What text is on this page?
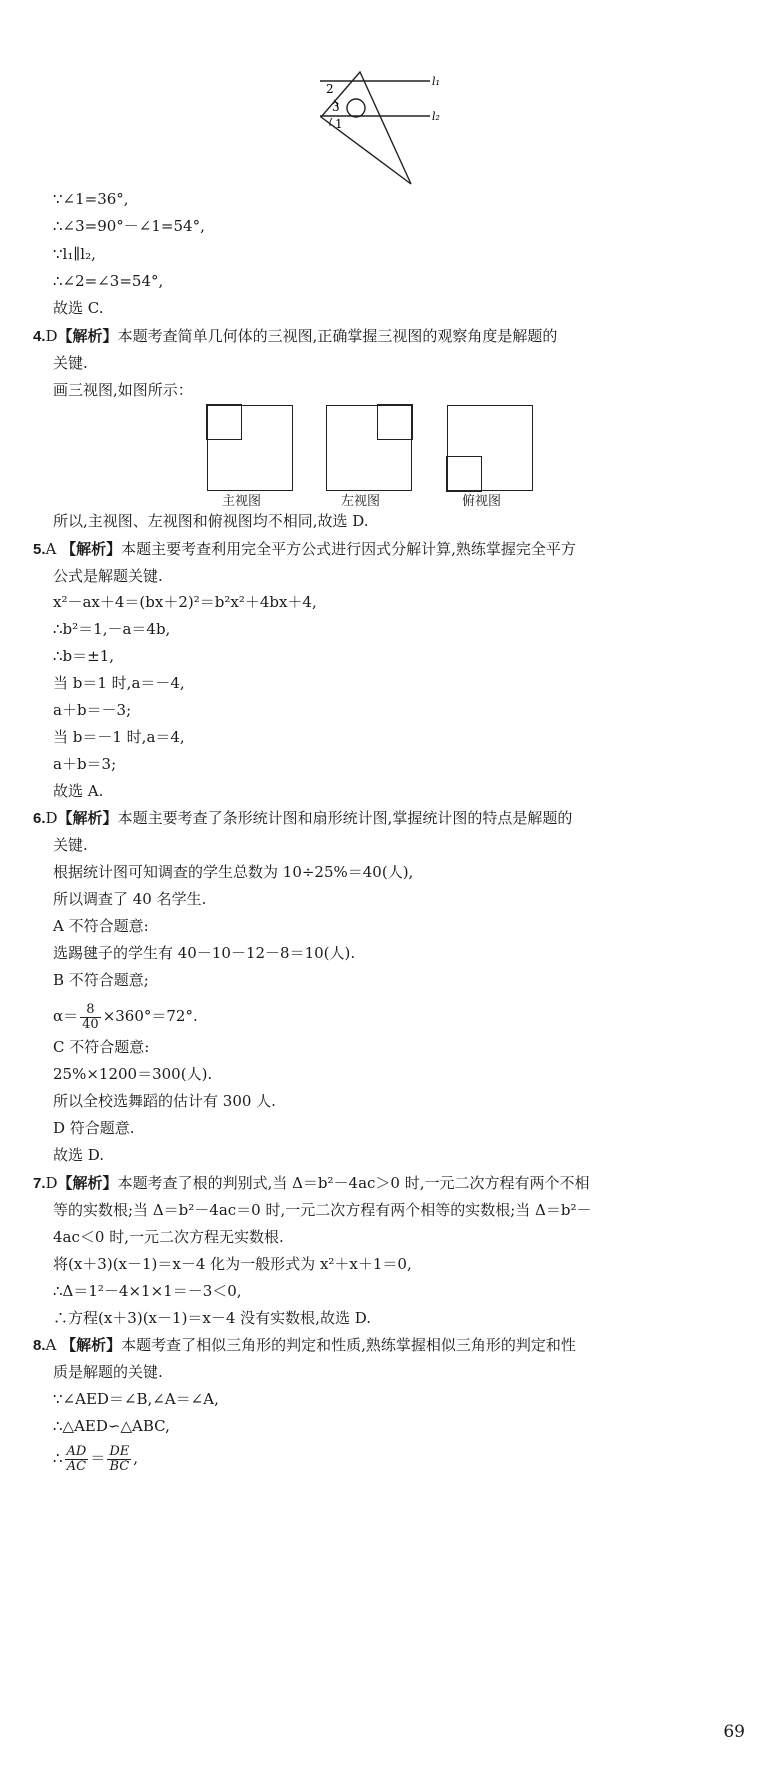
l₁
l₂
2
3
1
∵∠1=36°,
∴∠3=90°－∠1=54°,
∵l₁∥l₂,
∴∠2=∠3=54°,
故选 C.
4.D【解析】本题考查简单几何体的三视图,正确掌握三视图的观察角度是解题的
关键.
画三视图,如图所示：
主视图	左视图	俯视图
所以,主视图、左视图和俯视图均不相同,故选 D.
5.A 【解析】本题主要考查利用完全平方公式进行因式分解计算,熟练掌握完全平方
公式是解题关键.
x²－ax＋4＝(bx＋2)²＝b²x²＋4bx＋4,
∴b²＝1,－a＝4b,
∴b＝±1,
当 b＝1 时,a＝－4,
a＋b＝－3;
当 b＝－1 时,a＝4,
a＋b＝3;
故选 A.
6.D【解析】本题主要考查了条形统计图和扇形统计图,掌握统计图的特点是解题的
关键.
根据统计图可知调查的学生总数为 10÷25%＝40(人),
所以调查了 40 名学生.
A 不符合题意:
选踢毽子的学生有 40－10－12－8＝10(人).
B 不符合题意;
$\alpha= \frac{8}{40} \times 360^\circ=72^\circ$.
C 不符合题意:
25%×1200＝300(人).
所以全校选舞蹈的估计有 300 人.
D 符合题意.
故选 D.
7.D【解析】本题考查了根的判别式,当 Δ＝b²－4ac＞0 时,一元二次方程有两个不相
等的实数根;当 Δ＝b²－4ac＝0 时,一元二次方程有两个相等的实数根;当 Δ＝b²－
4ac＜0 时,一元二次方程无实数根.
将(x＋3)(x－1)＝x－4 化为一般形式为 x²＋x＋1＝0,
∴Δ＝1²－4×1×1＝－3＜0,
∴方程(x＋3)(x－1)＝x－4 没有实数根,故选 D.
8.A 【解析】本题考查了相似三角形的判定和性质,熟练掌握相似三角形的判定和性
质是解题的关键.
∵∠AED＝∠B,∠A＝∠A,
∴△AED∽△ABC,
∴ $\frac{AD}{AC} = \frac{DE}{BC}$ ,
69
